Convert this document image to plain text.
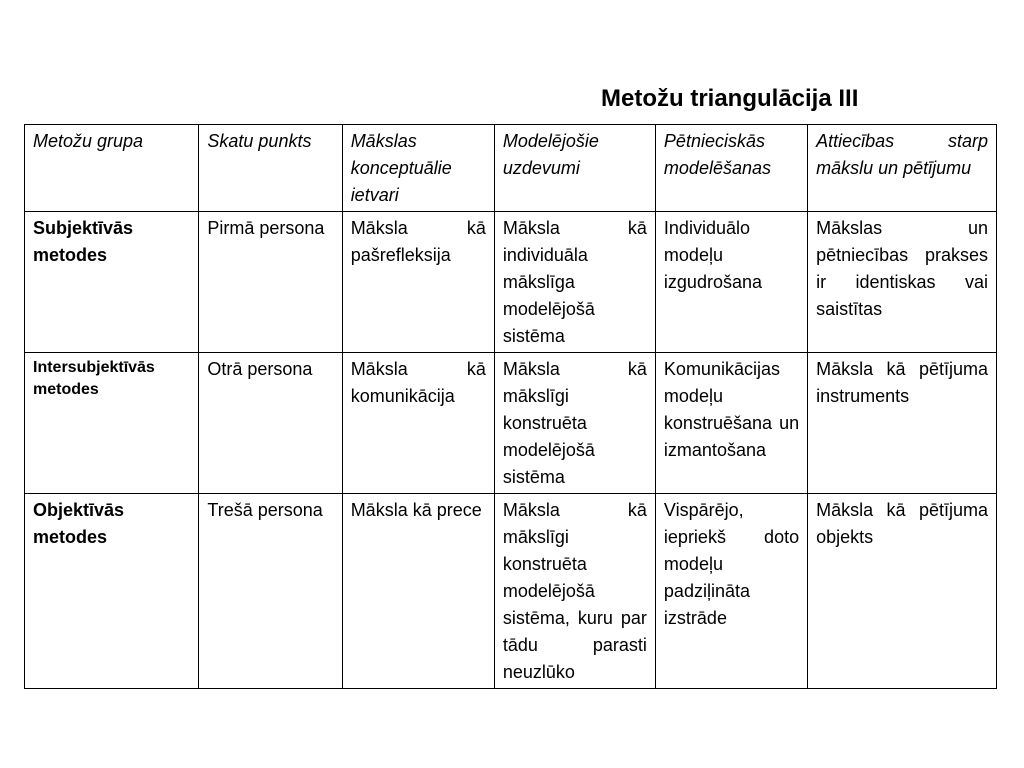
Metožu triangulācija III
Metožu grupa	Skatu punkts	Mākslas konceptuālie ietvari	Modelējošie uzdevumi	Pētnieciskās modelēšanas	Attiecības starp mākslu un pētījumu
Subjektīvās metodes	Pirmā persona	Māksla kā pašrefleksija	Māksla kā individuāla mākslīga modelējošā sistēma	Individuālo modeļu izgudrošana	Mākslas un pētniecības prakses ir identiskas vai saistītas
Intersubjektīvās metodes	Otrā persona	Māksla kā komunikācija	Māksla kā mākslīgi konstruēta modelējošā sistēma	Komunikācijas modeļu konstruēšana un izmantošana	Māksla kā pētījuma instruments
Objektīvās metodes	Trešā persona	Māksla kā prece	Māksla kā mākslīgi konstruēta modelējošā sistēma, kuru par tādu parasti neuzlūko	Vispārējo, iepriekš doto modeļu padziļināta izstrāde	Māksla kā pētījuma objekts
